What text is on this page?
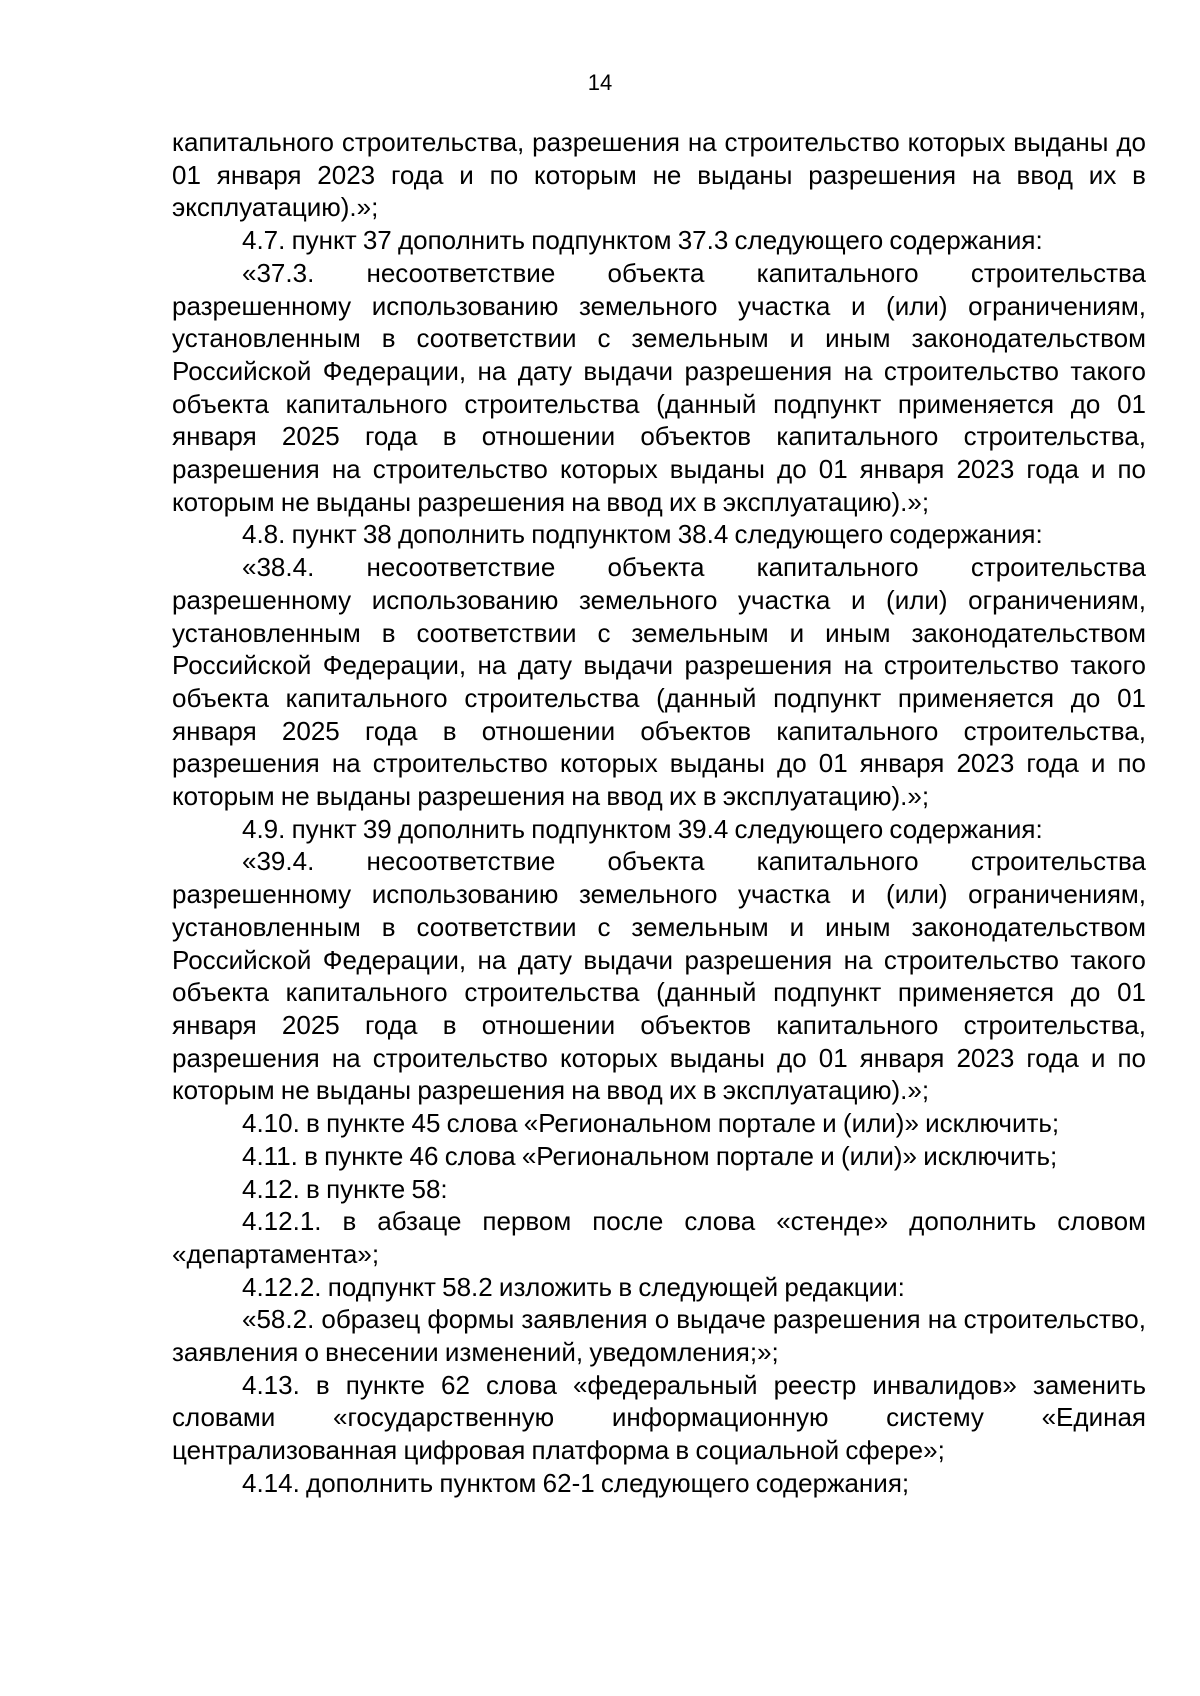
14

капитального строительства, разрешения на строительство которых выданы до 01 января 2023 года и по которым не выданы разрешения на ввод их в эксплуатацию).»;

4.7. пункт 37 дополнить подпунктом 37.3 следующего содержания:

«37.3. несоответствие объекта капитального строительства разрешенному использованию земельного участка и (или) ограничениям, установленным в соответствии с земельным и иным законодательством Российской Федерации, на дату выдачи разрешения на строительство такого объекта капитального строительства (данный подпункт применяется до 01 января 2025 года в отношении объектов капитального строительства, разрешения на строительство которых выданы до 01 января 2023 года и по которым не выданы разрешения на ввод их в эксплуатацию).»;

4.8. пункт 38 дополнить подпунктом 38.4 следующего содержания:

«38.4. несоответствие объекта капитального строительства разрешенному использованию земельного участка и (или) ограничениям, установленным в соответствии с земельным и иным законодательством Российской Федерации, на дату выдачи разрешения на строительство такого объекта капитального строительства (данный подпункт применяется до 01 января 2025 года в отношении объектов капитального строительства, разрешения на строительство которых выданы до 01 января 2023 года и по которым не выданы разрешения на ввод их в эксплуатацию).»;

4.9. пункт 39 дополнить подпунктом 39.4 следующего содержания:

«39.4. несоответствие объекта капитального строительства разрешенному использованию земельного участка и (или) ограничениям, установленным в соответствии с земельным и иным законодательством Российской Федерации, на дату выдачи разрешения на строительство такого объекта капитального строительства (данный подпункт применяется до 01 января 2025 года в отношении объектов капитального строительства, разрешения на строительство которых выданы до 01 января 2023 года и по которым не выданы разрешения на ввод их в эксплуатацию).»;

4.10. в пункте 45 слова «Региональном портале и (или)» исключить;

4.11. в пункте 46 слова «Региональном портале и (или)» исключить;

4.12. в пункте 58:

4.12.1. в абзаце первом после слова «стенде» дополнить словом «департамента»;

4.12.2. подпункт 58.2 изложить в следующей редакции:

«58.2. образец формы заявления о выдаче разрешения на строительство, заявления о внесении изменений, уведомления;»;

4.13. в пункте 62 слова «федеральный реестр инвалидов» заменить словами «государственную информационную систему «Единая централизованная цифровая платформа в социальной сфере»;

4.14. дополнить пунктом 62-1 следующего содержания;
